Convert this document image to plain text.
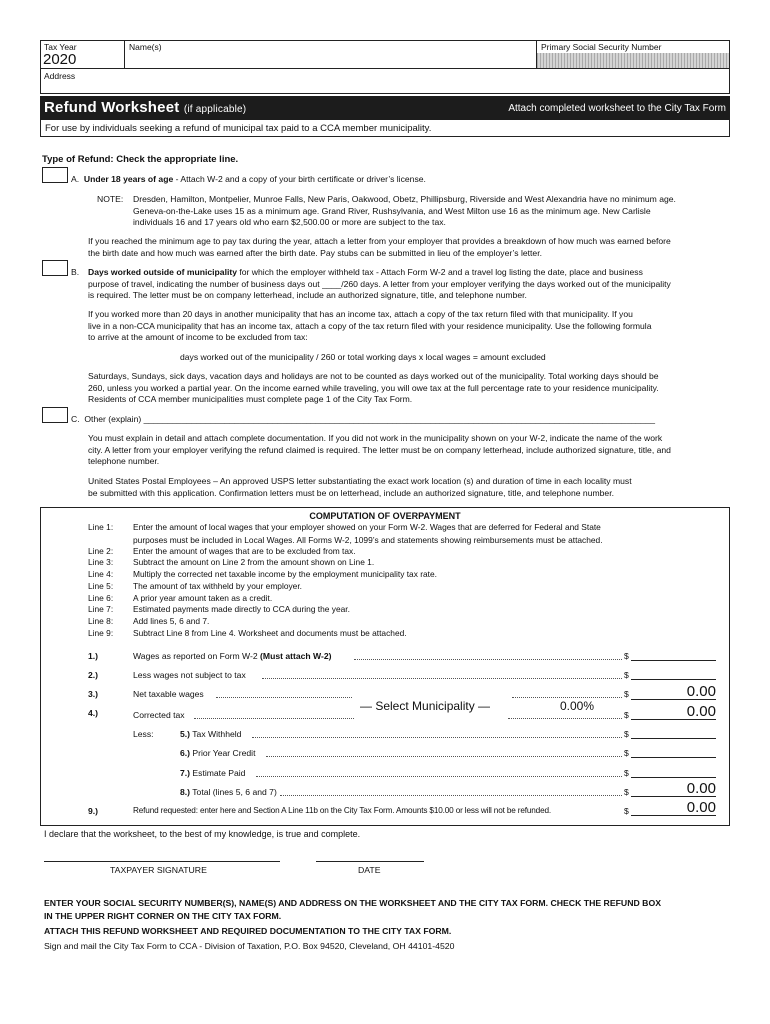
Tax Year
2020
Name(s)	Primary Social Security Number
Address
Refund Worksheet (if applicable)	Attach completed worksheet to the City Tax Form
For use by individuals seeking a refund of municipal tax paid to a CCA member municipality.
Type of Refund: Check the appropriate line.
A. Under 18 years of age - Attach W-2 and a copy of your birth certificate or driver’s license.
NOTE: Dresden, Hamilton, Montpelier, Munroe Falls, New Paris, Oakwood, Obetz, Phillipsburg, Riverside and West Alexandria have no minimum age.
Geneva-on-the-Lake uses 15 as a minimum age. Grand River, Rushsylvania, and West Milton use 16 as the minimum age. New Carlisle
individuals 16 and 17 years old who earn $2,500.00 or more are subject to the tax.
If you reached the minimum age to pay tax during the year, attach a letter from your employer that provides a breakdown of how much was earned before
the birth date and how much was earned after the birth date. Pay stubs can be submitted in lieu of the employer’s letter.
B. Days worked outside of municipality for which the employer withheld tax - Attach Form W-2 and a travel log listing the date, place and business
purpose of travel, indicating the number of business days out ____/260 days. A letter from your employer verifying the days worked out of the municipality
is required. The letter must be on company letterhead, include an authorized signature, title, and telephone number.
If you worked more than 20 days in another municipality that has an income tax, attach a copy of the tax return filed with that municipality. If you
live in a non-CCA municipality that has an income tax, attach a copy of the tax return filed with your residence municipality. Use the following formula
to arrive at the amount of income to be excluded from tax:
days worked out of the municipality / 260 or total working days x local wages = amount excluded
Saturdays, Sundays, sick days, vacation days and holidays are not to be counted as days worked out of the municipality. Total working days should be
260, unless you worked a partial year. On the income earned while traveling, you will owe tax at the full percentage rate to your residence municipality.
Residents of CCA member municipalities must complete page 1 of the City Tax Form.
C. Other (explain) ___________________________________________________________________________________________________________
You must explain in detail and attach complete documentation. If you did not work in the municipality shown on your W-2, indicate the name of the work
city. A letter from your employer verifying the refund claimed is required. The letter must be on company letterhead, include authorized signature, title, and
telephone number.
United States Postal Employees – An approved USPS letter substantiating the exact work location (s) and duration of time in each locality must
be submitted with this application. Confirmation letters must be on letterhead, include an authorized signature, title, and telephone number.
COMPUTATION OF OVERPAYMENT
Line 1: Enter the amount of local wages that your employer showed on your Form W-2. Wages that are deferred for Federal and State
purposes must be included in Local Wages. All Forms W-2, 1099’s and statements showing reimbursements must be attached.
Line 2: Enter the amount of wages that are to be excluded from tax.
Line 3: Subtract the amount on Line 2 from the amount shown on Line 1.
Line 4: Multiply the corrected net taxable income by the employment municipality tax rate.
Line 5: The amount of tax withheld by your employer.
Line 6: A prior year amount taken as a credit.
Line 7: Estimated payments made directly to CCA during the year.
Line 8: Add lines 5, 6 and 7.
Line 9: Subtract Line 8 from Line 4. Worksheet and documents must be attached.
1.)	Wages as reported on Form W-2 (Must attach W-2)	$
2.)	Less wages not subject to tax	$
3.)	Net taxable wages	$	0.00
— Select Municipality —	0.00%
4.)	Corrected tax	$	0.00
Less:	5.) Tax Withheld	$
6.) Prior Year Credit	$
7.) Estimate Paid	$
8.) Total (lines 5, 6 and 7)	$	0.00
9.)	Refund requested: enter here and Section A Line 11b on the City Tax Form. Amounts $10.00 or less will not be refunded.	$	0.00
I declare that the worksheet, to the best of my knowledge, is true and complete.
TAXPAYER SIGNATURE	DATE
ENTER YOUR SOCIAL SECURITY NUMBER(S), NAME(S) AND ADDRESS ON THE WORKSHEET AND THE CITY TAX FORM. CHECK THE REFUND BOX
IN THE UPPER RIGHT CORNER ON THE CITY TAX FORM.
ATTACH THIS REFUND WORKSHEET AND REQUIRED DOCUMENTATION TO THE CITY TAX FORM.
Sign and mail the City Tax Form to CCA - Division of Taxation, P.O. Box 94520, Cleveland, OH 44101-4520
